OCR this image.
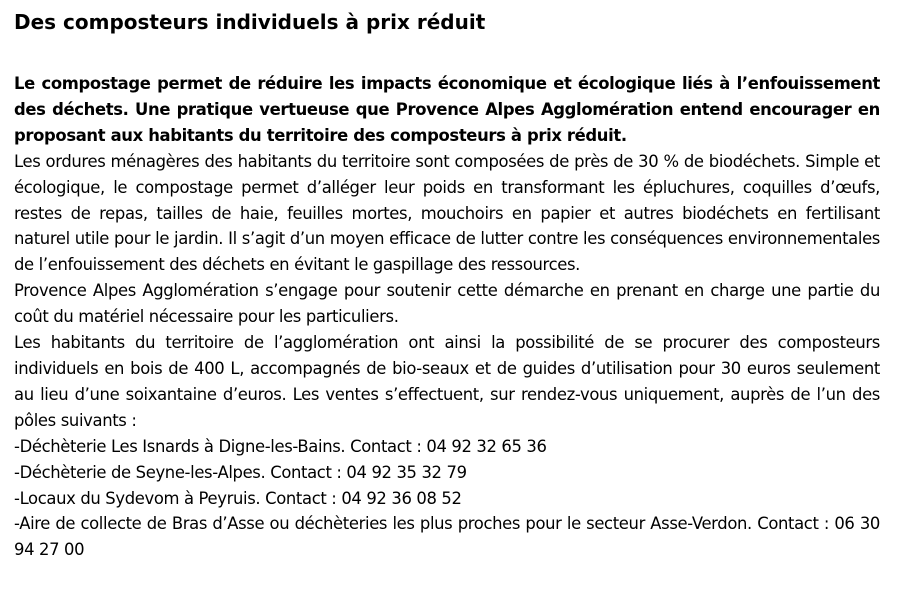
Des composteurs individuels à prix réduit

Le compostage permet de réduire les impacts économique et écologique liés à l’enfouissement des déchets. Une pratique vertueuse que Provence Alpes Agglomération entend encourager en proposant aux habitants du territoire des composteurs à prix réduit.

Les ordures ménagères des habitants du territoire sont composées de près de 30 % de biodéchets. Simple et écologique, le compostage permet d’alléger leur poids en transformant les épluchures, coquilles d’œufs, restes de repas, tailles de haie, feuilles mortes, mouchoirs en papier et autres biodéchets en fertilisant naturel utile pour le jardin. Il s’agit d’un moyen efficace de lutter contre les conséquences environnementales de l’enfouissement des déchets en évitant le gaspillage des ressources.

Provence Alpes Agglomération s’engage pour soutenir cette démarche en prenant en charge une partie du coût du matériel nécessaire pour les particuliers.

Les habitants du territoire de l’agglomération ont ainsi la possibilité de se procurer des composteurs individuels en bois de 400 L, accompagnés de bio-seaux et de guides d’utilisation pour 30 euros seulement au lieu d’une soixantaine d’euros. Les ventes s’effectuent, sur rendez-vous uniquement, auprès de l’un des pôles suivants :

-Déchèterie Les Isnards à Digne-les-Bains. Contact : 04 92 32 65 36
-Déchèterie de Seyne-les-Alpes. Contact : 04 92 35 32 79
-Locaux du Sydevom à Peyruis. Contact : 04 92 36 08 52
-Aire de collecte de Bras d’Asse ou déchèteries les plus proches pour le secteur Asse-Verdon. Contact : 06 30 94 27 00
